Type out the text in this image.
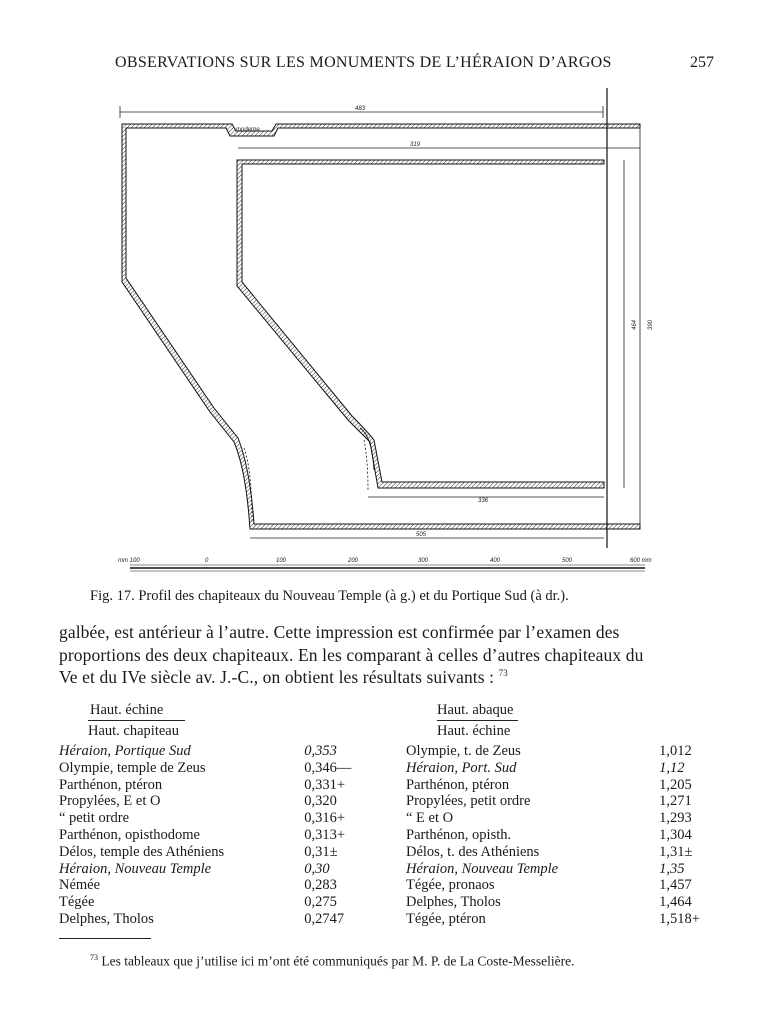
OBSERVATIONS SUR LES MONUMENTS DE L’HÉRAION D’ARGOS	257
483
moderne
319
464 390
336
505
mm 100	0	100	200	300	400	500	600 mm
Fig. 17. Profil des chapiteaux du Nouveau Temple (à g.) et du Portique Sud (à dr.).
galbée, est antérieur à l’autre. Cette impression est confirmée par l’examen des
proportions des deux chapiteaux. En les comparant à celles d’autres chapiteaux du
Ve et du IVe siècle av. J.-C., on obtient les résultats suivants : $^{73}$
Haut. échine
Haut. chapiteau
Héraion, Portique Sud	0,353
Olympie, temple de Zeus	0,346—
Parthénon, ptéron	0,331+
Propylées, E et O	0,320
“ petit ordre	0,316+
Parthénon, opisthodome	0,313+
Délos, temple des Athéniens	0,31±
Héraion, Nouveau Temple	0,30
Némée	0,283
Tégée	0,275
Delphes, Tholos	0,2747
Haut. abaque
Haut. échine
Olympie, t. de Zeus	1,012
Héraion, Port. Sud	1,12
Parthénon, ptéron	1,205
Propylées, petit ordre	1,271
“ E et O	1,293
Parthénon, opisth.	1,304
Délos, t. des Athéniens	1,31±
Héraion, Nouveau Temple	1,35
Tégée, pronaos	1,457
Delphes, Tholos	1,464
Tégée, ptéron	1,518+
$^{73}$ Les tableaux que j’utilise ici m’ont été communiqués par M. P. de La Coste-Messelière.
